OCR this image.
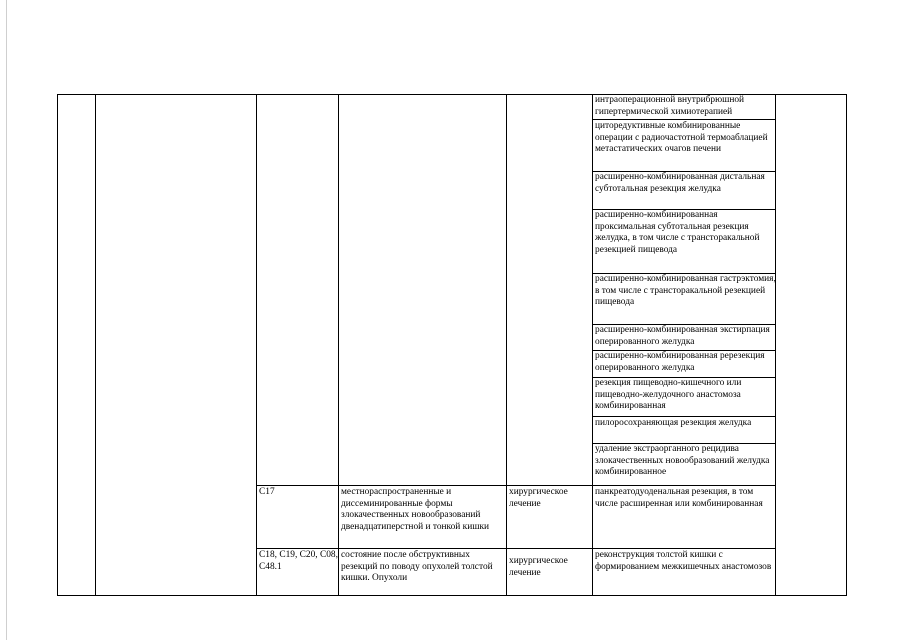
интраоперационной внутрибрюшной гипертермической химиотерапией
циторедуктивные комбинированные операции с радиочастотной термоаблацией метастатических очагов печени
расширенно-комбинированная дистальная субтотальная резекция желудка
расширенно-комбинированная проксимальная субтотальная резекция желудка, в том числе с трансторакальной резекцией пищевода
расширенно-комбинированная гастрэктомия, в том числе с трансторакальной резекцией пищевода
расширенно-комбинированная экстирпация оперированного желудка
расширенно-комбинированная ререзекция оперированного желудка
резекция пищеводно-кишечного или пищеводно-желудочного анастомоза комбинированная
пилоросохраняющая резекция желудка
удаление экстраорганного рецидива злокачественных новообразований желудка комбинированное
C17	местнораспространенные и диссеминированные формы злокачественных новообразований двенадцатиперстной и тонкой кишки
хирургическое лечение
панкреатодуоденальная резекция, в том числе расширенная или комбинированная
C18, C19, C20, C08, C48.1
состояние после обструктивных резекций по поводу опухолей толстой кишки. Опухоли
хирургическое лечение
реконструкция толстой кишки с формированием межкишечных анастомозов
